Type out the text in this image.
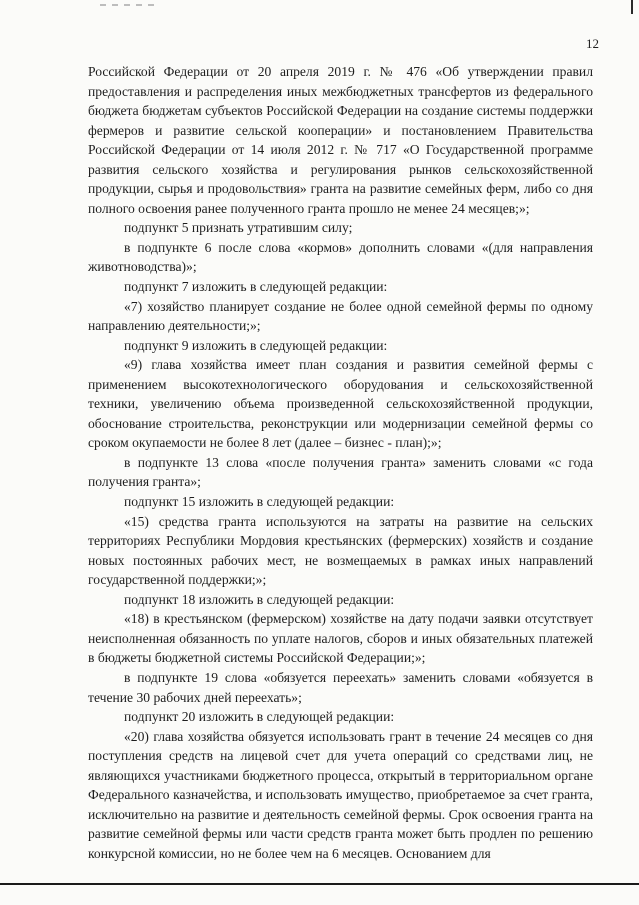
12

Российской Федерации от 20 апреля 2019 г. № 476 «Об утверждении правил предоставления и распределения иных межбюджетных трансфертов из федерального бюджета бюджетам субъектов Российской Федерации на создание системы поддержки фермеров и развитие сельской кооперации» и постановлением Правительства Российской Федерации от 14 июля 2012 г. № 717 «О Государственной программе развития сельского хозяйства и регулирования рынков сельскохозяйственной продукции, сырья и продовольствия» гранта на развитие семейных ферм, либо со дня полного освоения ранее полученного гранта прошло не менее 24 месяцев;»;

подпункт 5 признать утратившим силу;

в подпункте 6 после слова «кормов» дополнить словами «(для направления животноводства)»;

подпункт 7 изложить в следующей редакции:

«7) хозяйство планирует создание не более одной семейной фермы по одному направлению деятельности;»;

подпункт 9 изложить в следующей редакции:

«9) глава хозяйства имеет план создания и развития семейной фермы с применением высокотехнологического оборудования и сельскохозяйственной техники, увеличению объема произведенной сельскохозяйственной продукции, обоснование строительства, реконструкции или модернизации семейной фермы со сроком окупаемости не более 8 лет (далее – бизнес - план);»;

в подпункте 13 слова «после получения гранта» заменить словами «с года получения гранта»;

подпункт 15 изложить в следующей редакции:

«15) средства гранта используются на затраты на развитие на сельских территориях Республики Мордовия крестьянских (фермерских) хозяйств и создание новых постоянных рабочих мест, не возмещаемых в рамках иных направлений государственной поддержки;»;

подпункт 18 изложить в следующей редакции:

«18) в крестьянском (фермерском) хозяйстве на дату подачи заявки отсутствует неисполненная обязанность по уплате налогов, сборов и иных обязательных платежей в бюджеты бюджетной системы Российской Федерации;»;

в подпункте 19 слова «обязуется переехать» заменить словами «обязуется в течение 30 рабочих дней переехать»;

подпункт 20 изложить в следующей редакции:

«20) глава хозяйства обязуется использовать грант в течение 24 месяцев со дня поступления средств на лицевой счет для учета операций со средствами лиц, не являющихся участниками бюджетного процесса, открытый в территориальном органе Федерального казначейства, и использовать имущество, приобретаемое за счет гранта, исключительно на развитие и деятельность семейной фермы. Срок освоения гранта на развитие семейной фермы или части средств гранта может быть продлен по решению конкурсной комиссии, но не более чем на 6 месяцев. Основанием для
